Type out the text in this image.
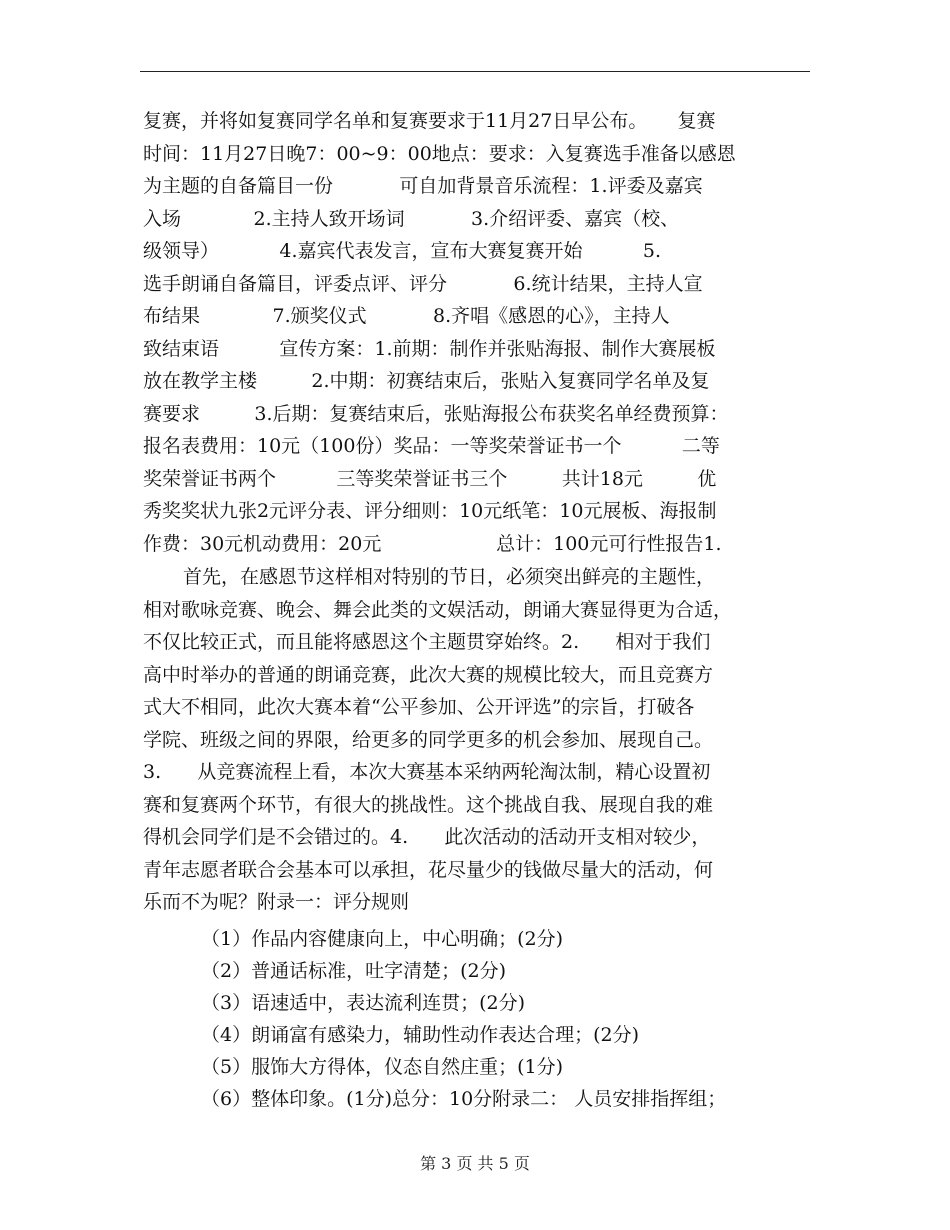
复赛，并将如复赛同学名单和复赛要求于11月27日早公布。     复赛
时间：11月27日晚7：00~9：00地点：要求：入复赛选手准备以感恩
为主题的自备篇目一份           可自加背景音乐流程：1.评委及嘉宾
入场            2.主持人致开场词           3.介绍评委、嘉宾（校、
级领导）          4.嘉宾代表发言，宣布大赛复赛开始          5.
选手朗诵自备篇目，评委点评、评分           6.统计结果，主持人宣
布结果            7.颁奖仪式           8.齐唱《感恩的心》，主持人
致结束语          宣传方案：1.前期：制作并张贴海报、制作大赛展板
放在教学主楼         2.中期：初赛结束后，张贴入复赛同学名单及复
赛要求         3.后期：复赛结束后，张贴海报公布获奖名单经费预算：
报名表费用：10元（100份）奖品：一等奖荣誉证书一个          二等
奖荣誉证书两个          三等奖荣誉证书三个         共计18元         优
秀奖奖状九张2元评分表、评分细则：10元纸笔：10元展板、海报制
作费：30元机动费用：20元                   总计：100元可行性报告1.
首先，在感恩节这样相对特别的节日，必须突出鲜亮的主题性，
相对歌咏竞赛、晚会、舞会此类的文娱活动，朗诵大赛显得更为合适，
不仅比较正式，而且能将感恩这个主题贯穿始终。2.      相对于我们
高中时举办的普通的朗诵竞赛，此次大赛的规模比较大，而且竞赛方
式大不相同，此次大赛本着“公平参加、公开评选”的宗旨，打破各
学院、班级之间的界限，给更多的同学更多的机会参加、展现自己。
3.      从竞赛流程上看，本次大赛基本采纳两轮淘汰制，精心设置初
赛和复赛两个环节，有很大的挑战性。这个挑战自我、展现自我的难
得机会同学们是不会错过的。4.      此次活动的活动开支相对较少，
青年志愿者联合会基本可以承担，花尽量少的钱做尽量大的活动，何
乐而不为呢？附录一：评分规则
（1）作品内容健康向上，中心明确；(2分)
（2）普通话标准，吐字清楚；(2分)
（3）语速适中，表达流利连贯；(2分)
（4）朗诵富有感染力，辅助性动作表达合理；(2分)
（5）服饰大方得体，仪态自然庄重；(1分)
（6）整体印象。(1分)总分：10分附录二： 人员安排指挥组；
第 3 页 共 5 页
